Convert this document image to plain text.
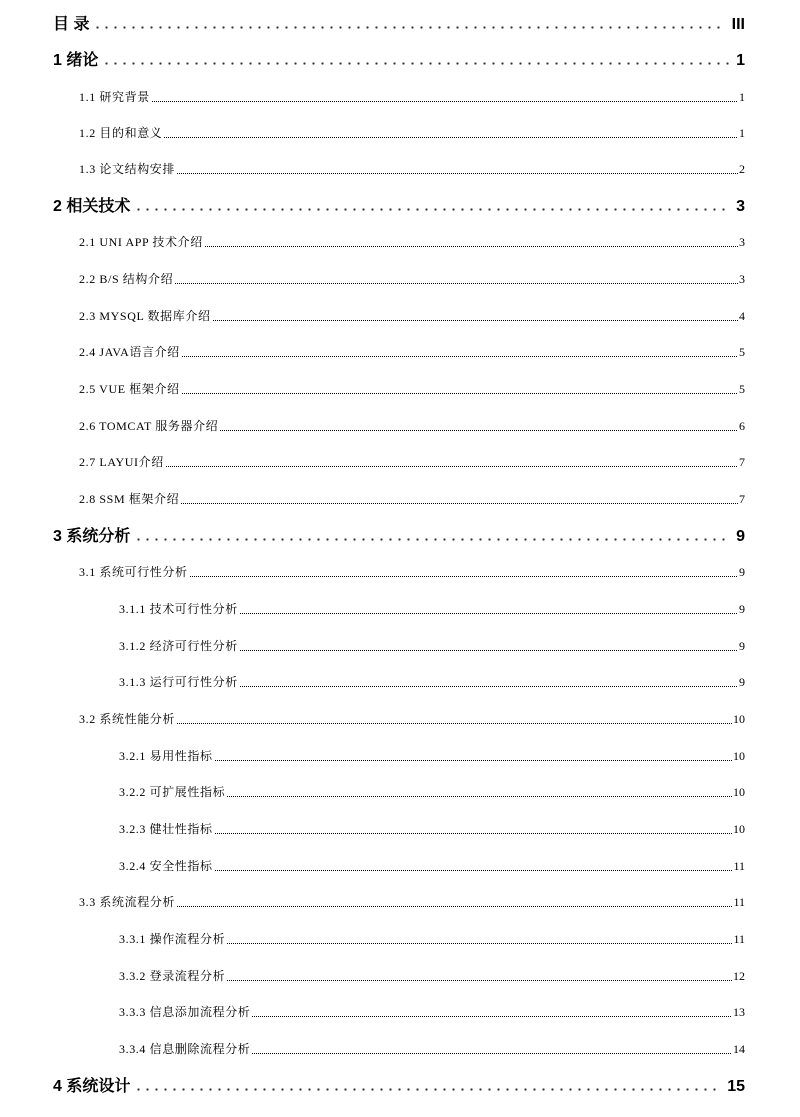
目 录	III
1 绪论	1
1.1 研究背景	1
1.2 目的和意义	1
1.3 论文结构安排	2
2 相关技术	3
2.1 UNI APP 技术介绍	3
2.2 B/S 结构介绍	3
2.3 MYSQL 数据库介绍	4
2.4 JAVA语言介绍	5
2.5 VUE 框架介绍	5
2.6 TOMCAT 服务器介绍	6
2.7 LAYUI介绍	7
2.8 SSM 框架介绍	7
3 系统分析	9
3.1 系统可行性分析	9
3.1.1 技术可行性分析	9
3.1.2 经济可行性分析	9
3.1.3 运行可行性分析	9
3.2 系统性能分析	10
3.2.1 易用性指标	10
3.2.2 可扩展性指标	10
3.2.3 健壮性指标	10
3.2.4 安全性指标	11
3.3 系统流程分析	11
3.3.1 操作流程分析	11
3.3.2 登录流程分析	12
3.3.3 信息添加流程分析	13
3.3.4 信息删除流程分析	14
4 系统设计	15
